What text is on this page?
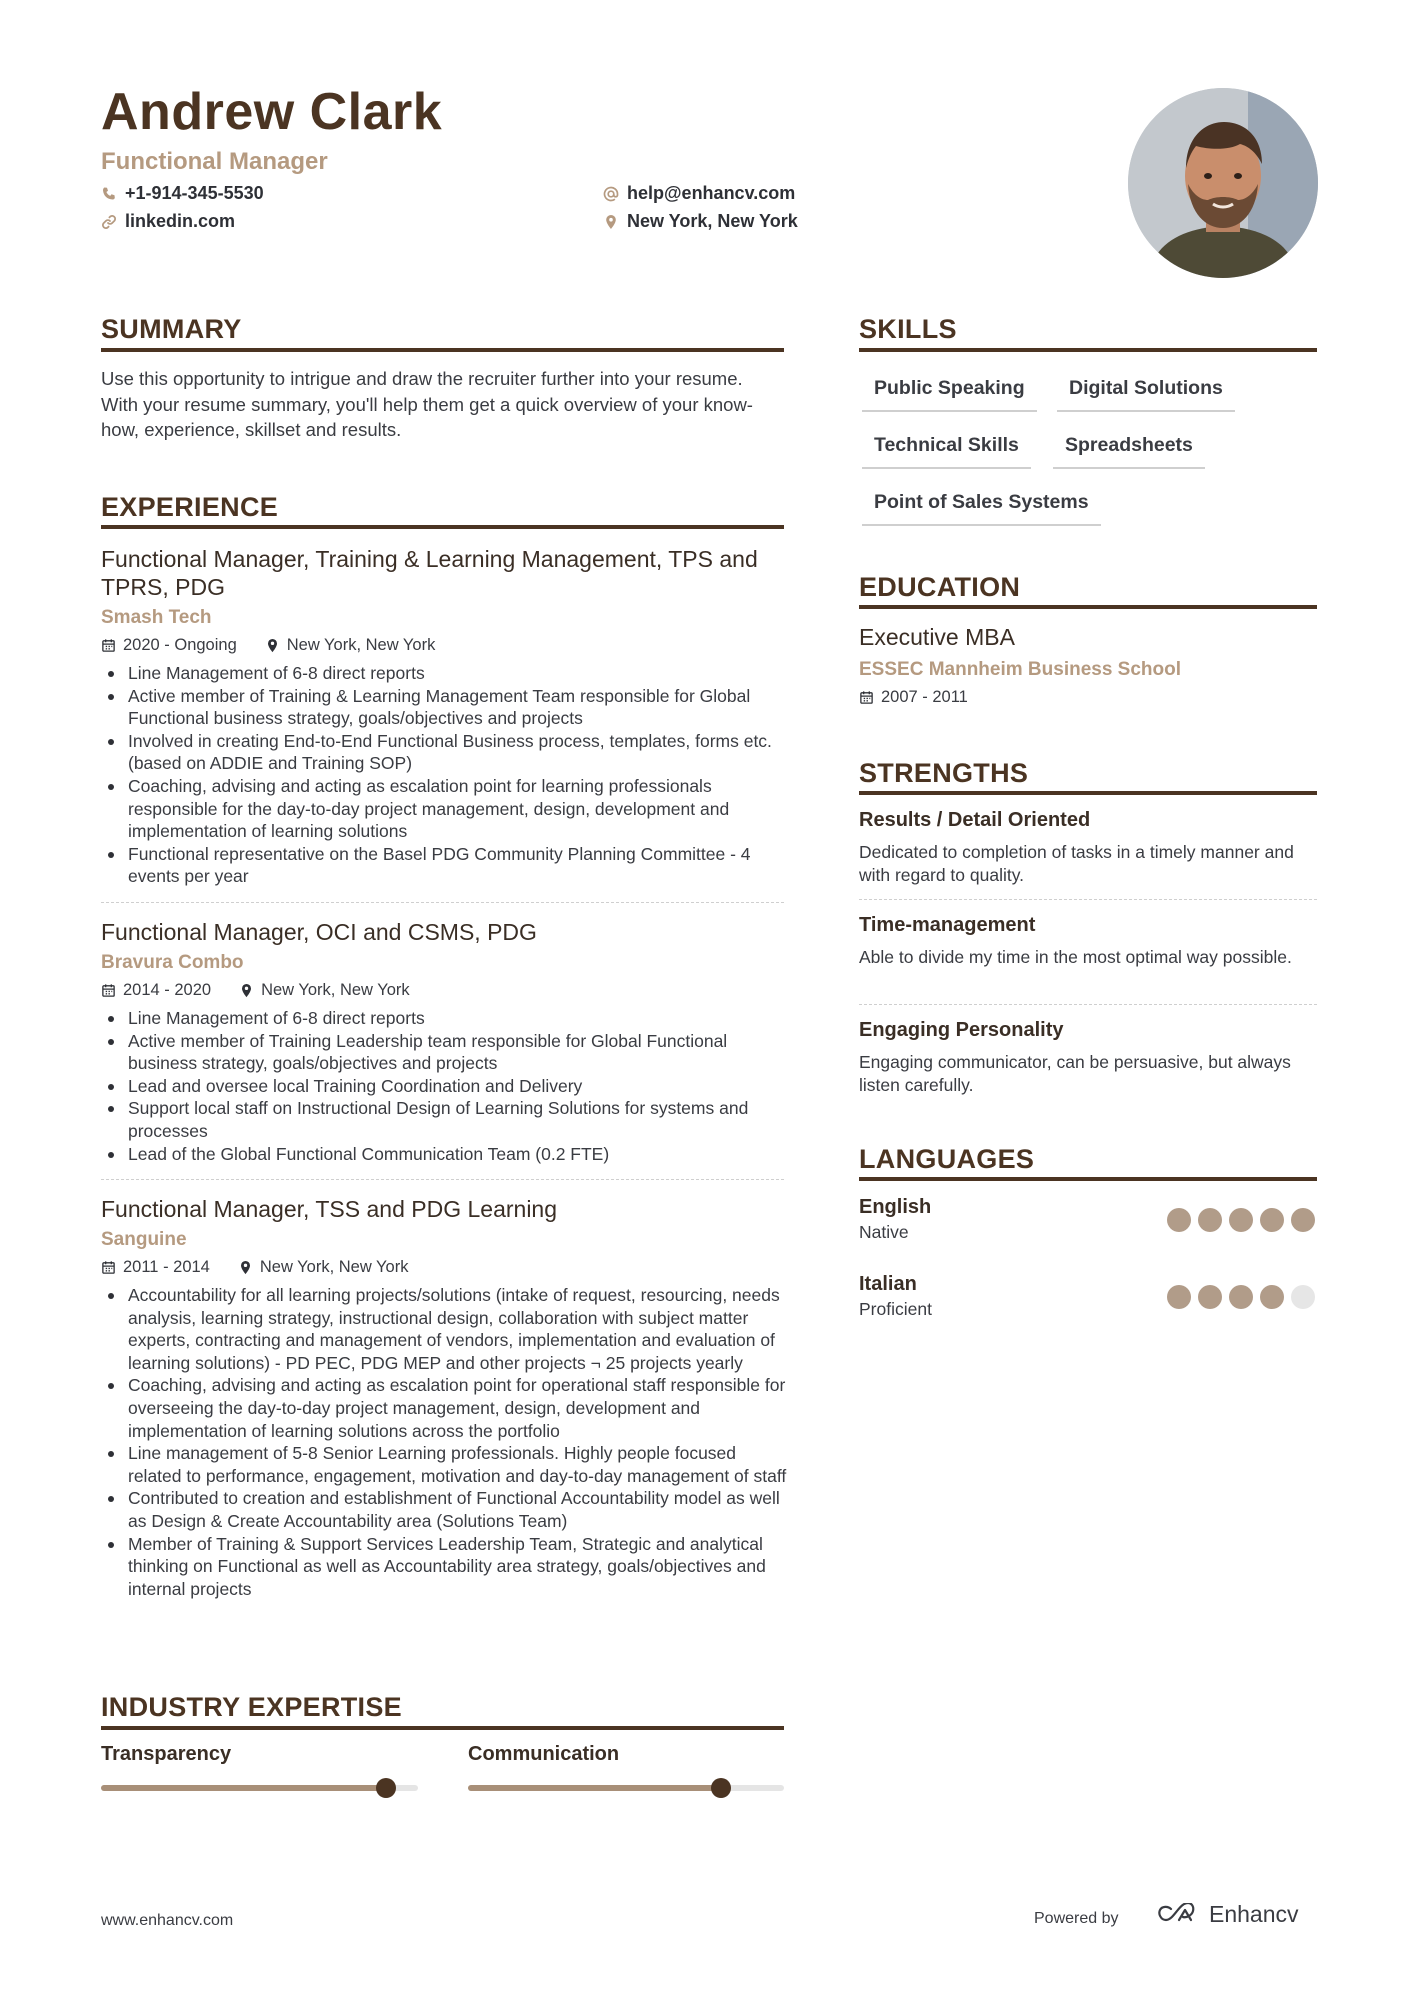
Andrew Clark
Functional Manager
+1-914-345-5530
linkedin.com
help@enhancv.com
New York, New York
SUMMARY
Use this opportunity to intrigue and draw the recruiter further into your resume. With your resume summary, you'll help them get a quick overview of your know-how, experience, skillset and results.
EXPERIENCE
Functional Manager, Training & Learning Management, TPS and TPRS, PDG
Smash Tech
2020 - Ongoing	New York, New York
Line Management of 6-8 direct reports
Active member of Training & Learning Management Team responsible for Global Functional business strategy, goals/objectives and projects
Involved in creating End-to-End Functional Business process, templates, forms etc. (based on ADDIE and Training SOP)
Coaching, advising and acting as escalation point for learning professionals responsible for the day-to-day project management, design, development and implementation of learning solutions
Functional representative on the Basel PDG Community Planning Committee - 4 events per year
Functional Manager, OCI and CSMS, PDG
Bravura Combo
2014 - 2020	New York, New York
Line Management of 6-8 direct reports
Active member of Training Leadership team responsible for Global Functional business strategy, goals/objectives and projects
Lead and oversee local Training Coordination and Delivery
Support local staff on Instructional Design of Learning Solutions for systems and processes
Lead of the Global Functional Communication Team (0.2 FTE)
Functional Manager, TSS and PDG Learning
Sanguine
2011 - 2014	New York, New York
Accountability for all learning projects/solutions (intake of request, resourcing, needs analysis, learning strategy, instructional design, collaboration with subject matter experts, contracting and management of vendors, implementation and evaluation of learning solutions) - PD PEC, PDG MEP and other projects ¬ 25 projects yearly
Coaching, advising and acting as escalation point for operational staff responsible for overseeing the day-to-day project management, design, development and implementation of learning solutions across the portfolio
Line management of 5-8 Senior Learning professionals. Highly people focused related to performance, engagement, motivation and day-to-day management of staff
Contributed to creation and establishment of Functional Accountability model as well as Design & Create Accountability area (Solutions Team)
Member of Training & Support Services Leadership Team, Strategic and analytical thinking on Functional as well as Accountability area strategy, goals/objectives and internal projects
INDUSTRY EXPERTISE
Transparency	Communication
SKILLS
Public Speaking	Digital Solutions
Technical Skills	Spreadsheets
Point of Sales Systems
EDUCATION
Executive MBA
ESSEC Mannheim Business School
2007 - 2011
STRENGTHS
Results / Detail Oriented
Dedicated to completion of tasks in a timely manner and with regard to quality.
Time-management
Able to divide my time in the most optimal way possible.
Engaging Personality
Engaging communicator, can be persuasive, but always listen carefully.
LANGUAGES
English
Native
Italian
Proficient
www.enhancv.com	Powered by	Enhancv
